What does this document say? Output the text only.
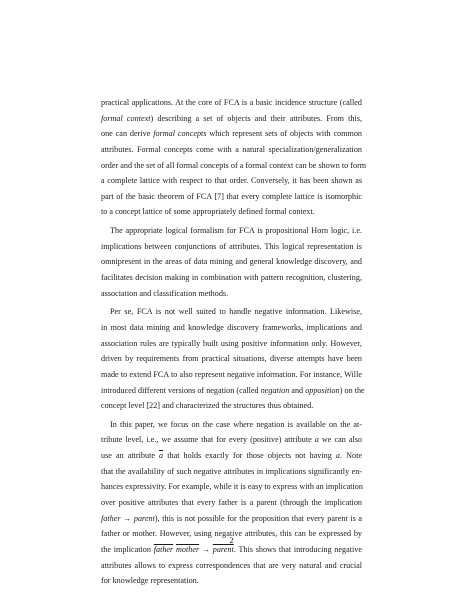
practical applications. At the core of FCA is a basic incidence structure (called
formal context) describing a set of objects and their attributes. From this,
one can derive formal concepts which represent sets of objects with common
attributes. Formal concepts come with a natural specialization/generalization
order and the set of all formal concepts of a formal context can be shown to form
a complete lattice with respect to that order. Conversely, it has been shown as
part of the basic theorem of FCA [7] that every complete lattice is isomorphic
to a concept lattice of some appropriately defined formal context.
The appropriate logical formalism for FCA is propositional Horn logic, i.e.
implications between conjunctions of attributes. This logical representation is
omnipresent in the areas of data mining and general knowledge discovery, and
facilitates decision making in combination with pattern recognition, clustering,
association and classification methods.
Per se, FCA is not well suited to handle negative information. Likewise,
in most data mining and knowledge discovery frameworks, implications and
association rules are typically built using positive information only. However,
driven by requirements from practical situations, diverse attempts have been
made to extend FCA to also represent negative information. For instance, Wille
introduced different versions of negation (called negation and opposition) on the
concept level [22] and characterized the structures thus obtained.
In this paper, we focus on the case where negation is available on the at-
tribute level, i.e., we assume that for every (positive) attribute a we can also
use an attribute $\overline{a}$ that holds exactly for those objects not having a. Note
that the availability of such negative attributes in implications significantly en-
hances expressivity. For example, while it is easy to express with an implication
over positive attributes that every father is a parent (through the implication
father → parent), this is not possible for the proposition that every parent is a
father or mother. However, using negative attributes, this can be expressed by
the implication father mother → parent. This shows that introducing negative
attributes allows to express correspondences that are very natural and crucial
for knowledge representation.
2
